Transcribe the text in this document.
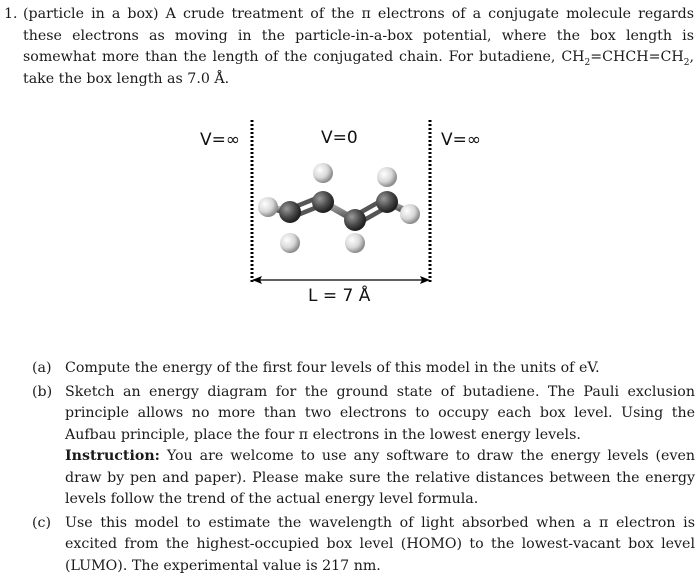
1. (particle in a box) A crude treatment of the π electrons of a conjugate molecule regards these electrons as moving in the particle-in-a-box potential, where the box length is somewhat more than the length of the conjugated chain. For butadiene, $CH_2=CHCH=CH_2$, take the box length as 7.0 Å.
V=∞	V=0	V=∞
L = 7 Å
(a) Compute the energy of the first four levels of this model in the units of eV.
(b) Sketch an energy diagram for the ground state of butadiene. The Pauli exclusion principle allows no more than two electrons to occupy each box level. Using the Aufbau principle, place the four π electrons in the lowest energy levels.
Instruction: You are welcome to use any software to draw the energy levels (even draw by pen and paper). Please make sure the relative distances between the energy levels follow the trend of the actual energy level formula.
(c) Use this model to estimate the wavelength of light absorbed when a π electron is excited from the highest-occupied box level (HOMO) to the lowest-vacant box level (LUMO). The experimental value is 217 nm.
